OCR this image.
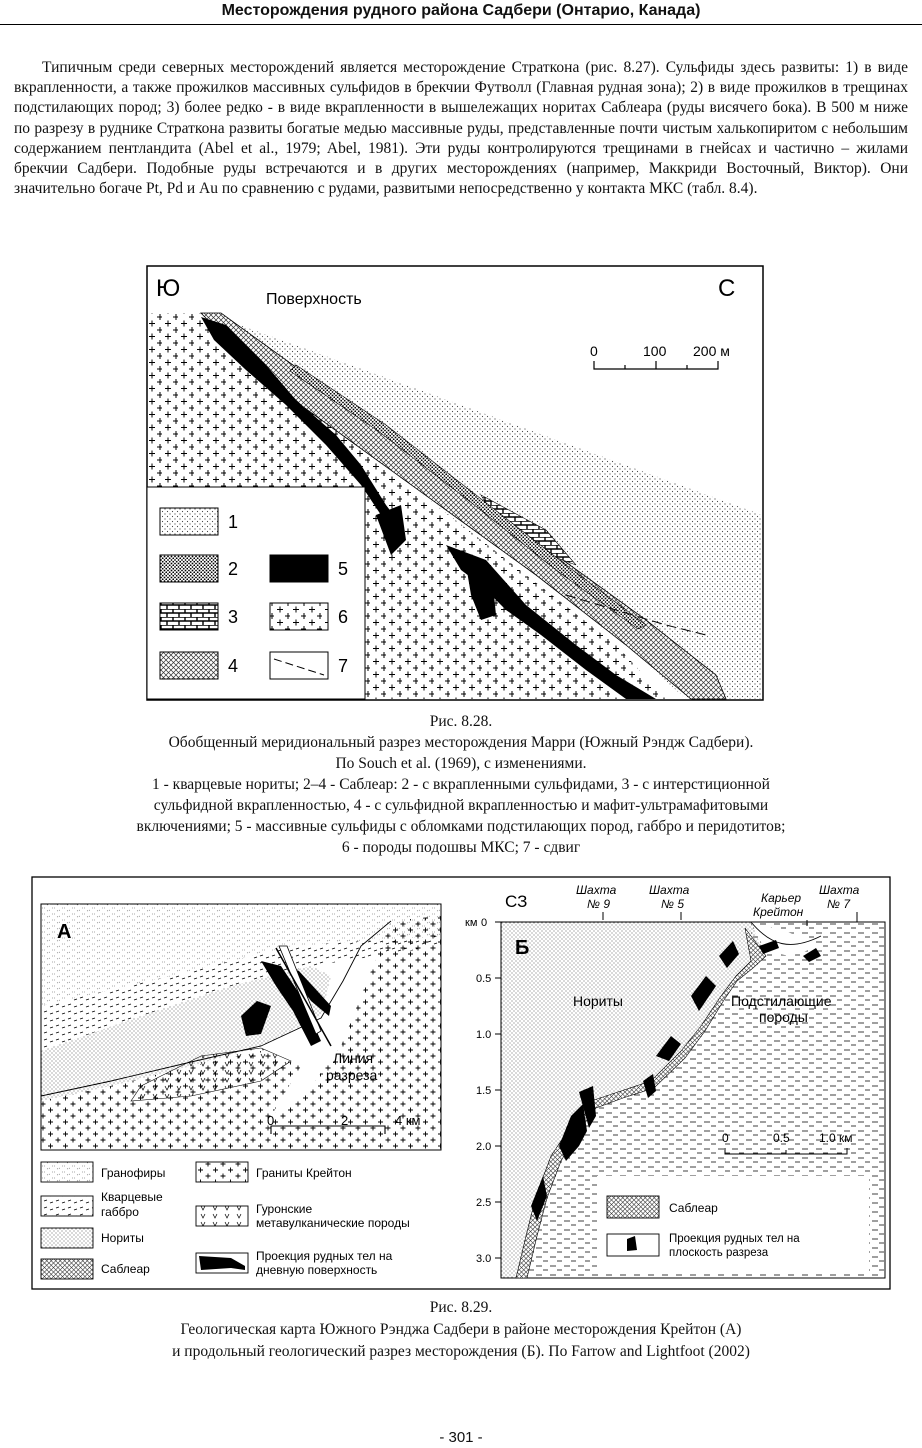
Месторождения рудного района Садбери (Онтарио, Канада)
Типичным среди северных месторождений является месторождение Страткона (рис. 8.27). Сульфиды здесь развиты: 1) в виде вкрапленности, а также прожилков массивных сульфидов в брекчии Футволл (Главная рудная зона); 2) в виде прожилков в трещинах подстилающих пород; 3) более редко - в виде вкрапленности в вышележащих норитах Саблеара (руды висячего бока). В 500 м ниже по разрезу в руднике Страткона развиты богатые медью массивные руды, представленные почти чистым халькопиритом с небольшим содержанием пентландита (Abel et al., 1979; Abel, 1981). Эти руды контролируются трещинами в гнейсах и частично – жилами брекчии Садбери. Подобные руды встречаются и в других месторождениях (например, Маккриди Восточный, Виктор). Они значительно богаче Pt, Pd и Au по сравнению с рудами, развитыми непосредственно у контакта МКС (табл. 8.4).
1
2
3
4
5
6
7
Ю	С
Поверхность
0	100 200 м
Рис. 8.28.
Обобщенный меридиональный разрез месторождения Марри (Южный Рэндж Садбери).
По Souch et al. (1969), с изменениями.
1 - кварцевые нориты; 2–4 - Саблеар: 2 - с вкрапленными сульфидами, 3 - с интерстиционной
сульфидной вкрапленностью, 4 - с сульфидной вкрапленностью и мафит-ультрамафитовыми
включениями; 5 - массивные сульфиды с обломками подстилающих пород, габбро и перидотитов;
6 - породы подошвы МКС; 7 - сдвиг
А
Линия
разреза
0	2	4 км
Гранофиры
Кварцевые
габбро
Нориты
Саблеар
Граниты Крейтон
Гуронские
метавулканические породы
Проекция рудных тел на
дневную поверхность
СЗ
Б
Нориты	Подстилающие
породы
Шахта
№ 9
Шахта
№ 5	Карьер
Крейтон
Шахта
№ 7
км 0
0.5
1.0
1.5
2.0
2.5
3.0
0	0.5 1.0 км
Саблеар
Проекция рудных тел на
плоскость разреза
Рис. 8.29.
Геологическая карта Южного Рэнджа Садбери в районе месторождения Крейтон (А)
и продольный геологический разрез месторождения (Б). По Farrow and Lightfoot (2002)
- 301 -
